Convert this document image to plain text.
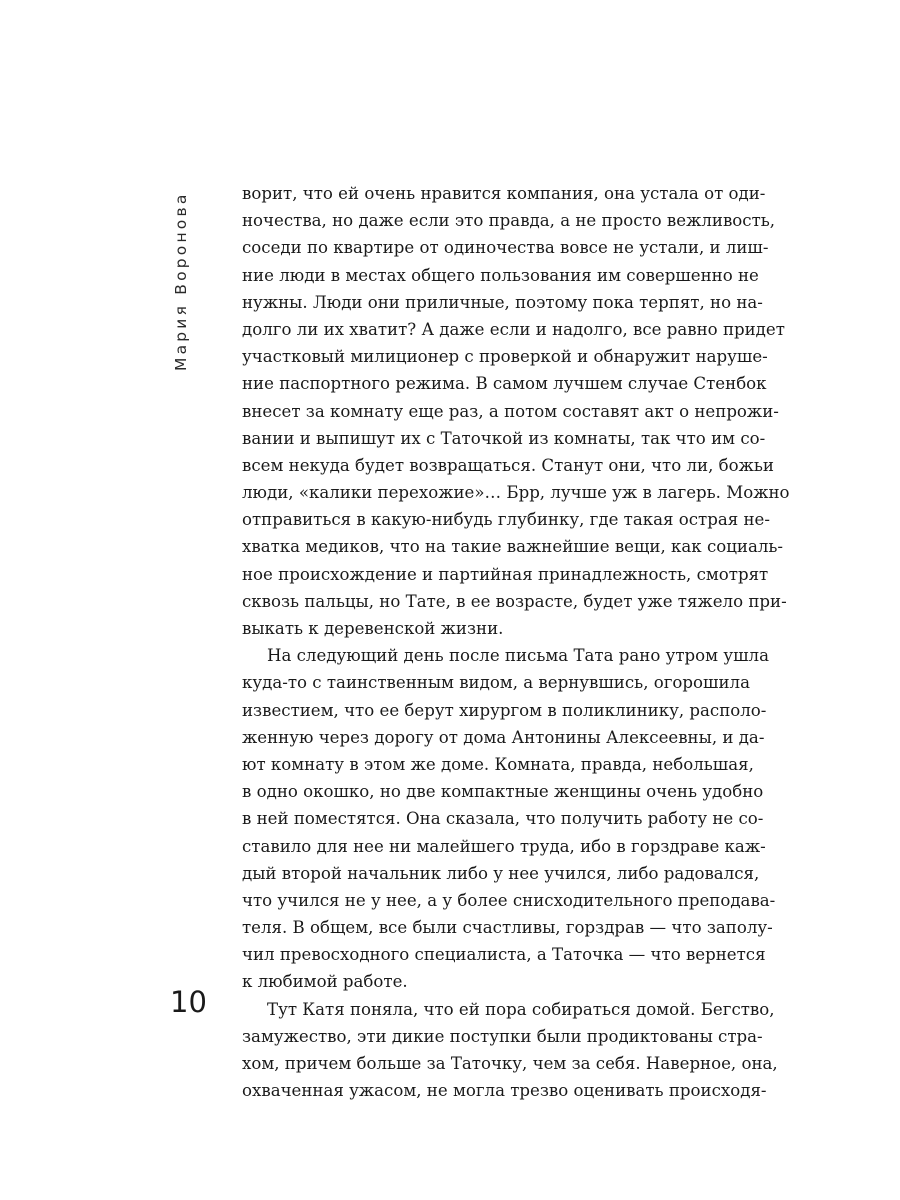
Мария Воронова	ворит, что ей очень нравится компания, она устала от оди-
ночества, но даже если это правда, а не просто вежливость,
соседи по квартире от одиночества вовсе не устали, и лиш-
ние люди в местах общего пользования им совершенно не
нужны. Люди они приличные, поэтому пока терпят, но на-
долго ли их хватит? А даже если и надолго, все равно придет
участковый милиционер с проверкой и обнаружит наруше-
ние паспортного режима. В самом лучшем случае Стенбок
внесет за комнату еще раз, а потом составят акт о непрожи-
вании и выпишут их с Таточкой из комнаты, так что им со-
всем некуда будет возвращаться. Станут они, что ли, божьи
люди, «калики перехожие»… Брр, лучше уж в лагерь. Можно
отправиться в какую-нибудь глубинку, где такая острая не-
хватка медиков, что на такие важнейшие вещи, как социаль-
ное происхождение и партийная принадлежность, смотрят
сквозь пальцы, но Тате, в ее возрасте, будет уже тяжело при-
выкать к деревенской жизни.
На следующий день после письма Тата рано утром ушла
куда-то с таинственным видом, а вернувшись, огорошила
известием, что ее берут хирургом в поликлинику, располо-
женную через дорогу от дома Антонины Алексеевны, и да-
ют комнату в этом же доме. Комната, правда, небольшая,
в одно окошко, но две компактные женщины очень удобно
в ней поместятся. Она сказала, что получить работу не со-
ставило для нее ни малейшего труда, ибо в горздраве каж-
дый второй начальник либо у нее учился, либо радовался,
что учился не у нее, а у более снисходительного преподава-
теля. В общем, все были счастливы, горздрав — что заполу-
чил превосходного специалиста, а Таточка — что вернется
к любимой работе.
Тут Катя поняла, что ей пора собираться домой. Бегство,
замужество, эти дикие поступки были продиктованы стра-
хом, причем больше за Таточку, чем за себя. Наверное, она,
охваченная ужасом, не могла трезво оценивать происходя-
10
